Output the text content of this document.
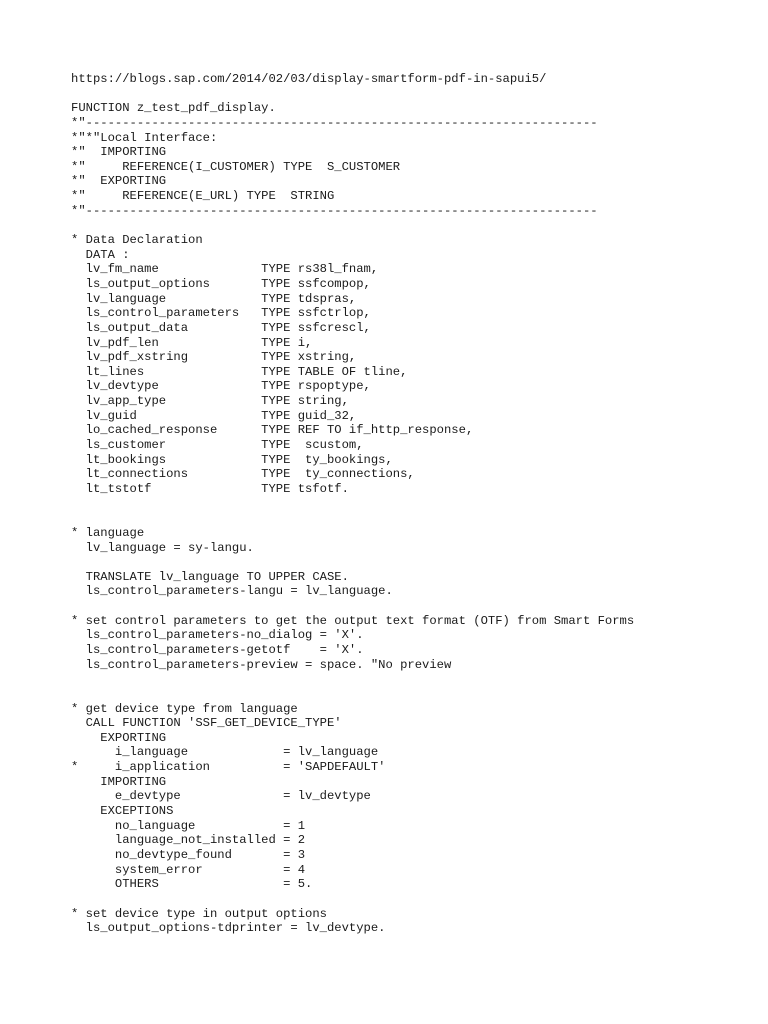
https://blogs.sap.com/2014/02/03/display-smartform-pdf-in-sapui5/
FUNCTION z_test_pdf_display.
*"----------------------------------------------------------------------
*"*"Local Interface:
*"  IMPORTING
*"     REFERENCE(I_CUSTOMER) TYPE  S_CUSTOMER
*"  EXPORTING
*"     REFERENCE(E_URL) TYPE  STRING
*"----------------------------------------------------------------------
* Data Declaration
DATA :
lv_fm_name              TYPE rs38l_fnam,
ls_output_options       TYPE ssfcompop,
lv_language             TYPE tdspras,
ls_control_parameters   TYPE ssfctrlop,
ls_output_data          TYPE ssfcrescl,
lv_pdf_len              TYPE i,
lv_pdf_xstring          TYPE xstring,
lt_lines                TYPE TABLE OF tline,
lv_devtype              TYPE rspoptype,
lv_app_type             TYPE string,
lv_guid                 TYPE guid_32,
lo_cached_response      TYPE REF TO if_http_response,
ls_customer             TYPE  scustom,
lt_bookings             TYPE  ty_bookings,
lt_connections          TYPE  ty_connections,
lt_tstotf               TYPE tsfotf.
* language
lv_language = sy-langu.
TRANSLATE lv_language TO UPPER CASE.
ls_control_parameters-langu = lv_language.
* set control parameters to get the output text format (OTF) from Smart Forms
ls_control_parameters-no_dialog = 'X'.
ls_control_parameters-getotf    = 'X'.
ls_control_parameters-preview = space. "No preview
* get device type from language
CALL FUNCTION 'SSF_GET_DEVICE_TYPE'
EXPORTING
i_language             = lv_language
*     i_application          = 'SAPDEFAULT'
IMPORTING
e_devtype              = lv_devtype
EXCEPTIONS
no_language            = 1
language_not_installed = 2
no_devtype_found       = 3
system_error           = 4
OTHERS                 = 5.
* set device type in output options
ls_output_options-tdprinter = lv_devtype.
